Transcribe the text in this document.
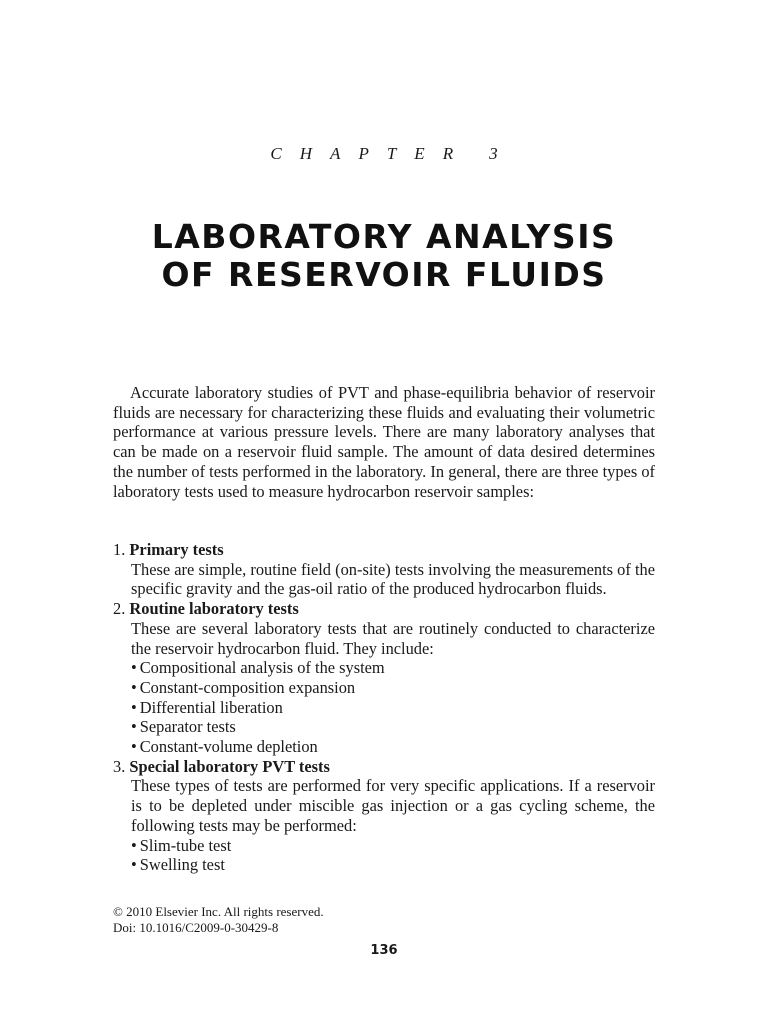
C H A P T E R 3
LABORATORY ANALYSIS
OF RESERVOIR FLUIDS

Accurate laboratory studies of PVT and phase-equilibria behavior of reservoir fluids are necessary for characterizing these fluids and evaluating their volumetric performance at various pressure levels. There are many laboratory analyses that can be made on a reservoir fluid sample. The amount of data desired determines the number of tests performed in the laboratory. In general, there are three types of laboratory tests used to measure hydrocarbon reservoir samples:

1. Primary tests
These are simple, routine field (on-site) tests involving the measurements of the specific gravity and the gas-oil ratio of the produced hydrocarbon fluids.
2. Routine laboratory tests
These are several laboratory tests that are routinely conducted to characterize the reservoir hydrocarbon fluid. They include:
• Compositional analysis of the system
• Constant-composition expansion
• Differential liberation
• Separator tests
• Constant-volume depletion
3. Special laboratory PVT tests
These types of tests are performed for very specific applications. If a reservoir is to be depleted under miscible gas injection or a gas cycling scheme, the following tests may be performed:
• Slim-tube test
• Swelling test
© 2010 Elsevier Inc. All rights reserved.
Doi: 10.1016/C2009-0-30429-8
136
